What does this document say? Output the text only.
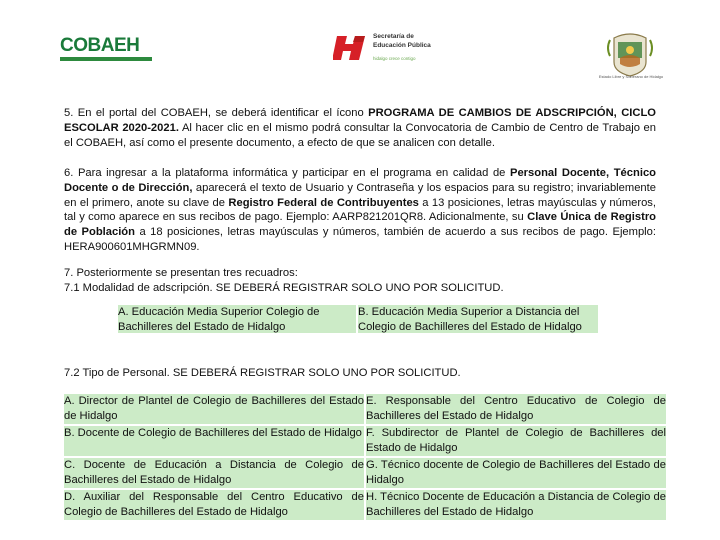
COBAEH	Secretaría de
Educación Pública
hidalgo crece contigo
Estado Libre y Soberano de Hidalgo
5. En el portal del COBAEH, se deberá identificar el ícono PROGRAMA DE CAMBIOS DE ADSCRIPCIÓN, CICLO ESCOLAR 2020-2021. Al hacer clic en el mismo podrá consultar la Convocatoria de Cambio de Centro de Trabajo en el COBAEH, así como el presente documento, a efecto de que se analicen con detalle.
6. Para ingresar a la plataforma informática y participar en el programa en calidad de Personal Docente, Técnico Docente o de Dirección, aparecerá el texto de Usuario y Contraseña y los espacios para su registro; invariablemente en el primero, anote su clave de Registro Federal de Contribuyentes a 13 posiciones, letras mayúsculas y números, tal y como aparece en sus recibos de pago. Ejemplo: AARP821201QR8. Adicionalmente, su Clave Única de Registro de Población a 18 posiciones, letras mayúsculas y números, también de acuerdo a sus recibos de pago. Ejemplo: HERA900601MHGRMN09.
7. Posteriormente se presentan tres recuadros:
7.1 Modalidad de adscripción. SE DEBERÁ REGISTRAR SOLO UNO POR SOLICITUD.
A. Educación Media Superior Colegio de Bachilleres del Estado de Hidalgo
B. Educación Media Superior a Distancia del Colegio de Bachilleres del Estado de Hidalgo
7.2 Tipo de Personal. SE DEBERÁ REGISTRAR SOLO UNO POR SOLICITUD.
A. Director de Plantel de Colegio de Bachilleres del Estado de Hidalgo
E. Responsable del Centro Educativo de Colegio de Bachilleres del Estado de Hidalgo
B. Docente de Colegio de Bachilleres del Estado de Hidalgo F. Subdirector de Plantel de Colegio de Bachilleres del Estado de Hidalgo
C. Docente de Educación a Distancia de Colegio de Bachilleres del Estado de Hidalgo
G. Técnico docente de Colegio de Bachilleres del Estado de Hidalgo
D. Auxiliar del Responsable del Centro Educativo de Colegio de Bachilleres del Estado de Hidalgo
H. Técnico Docente de Educación a Distancia de Colegio de Bachilleres del Estado de Hidalgo
